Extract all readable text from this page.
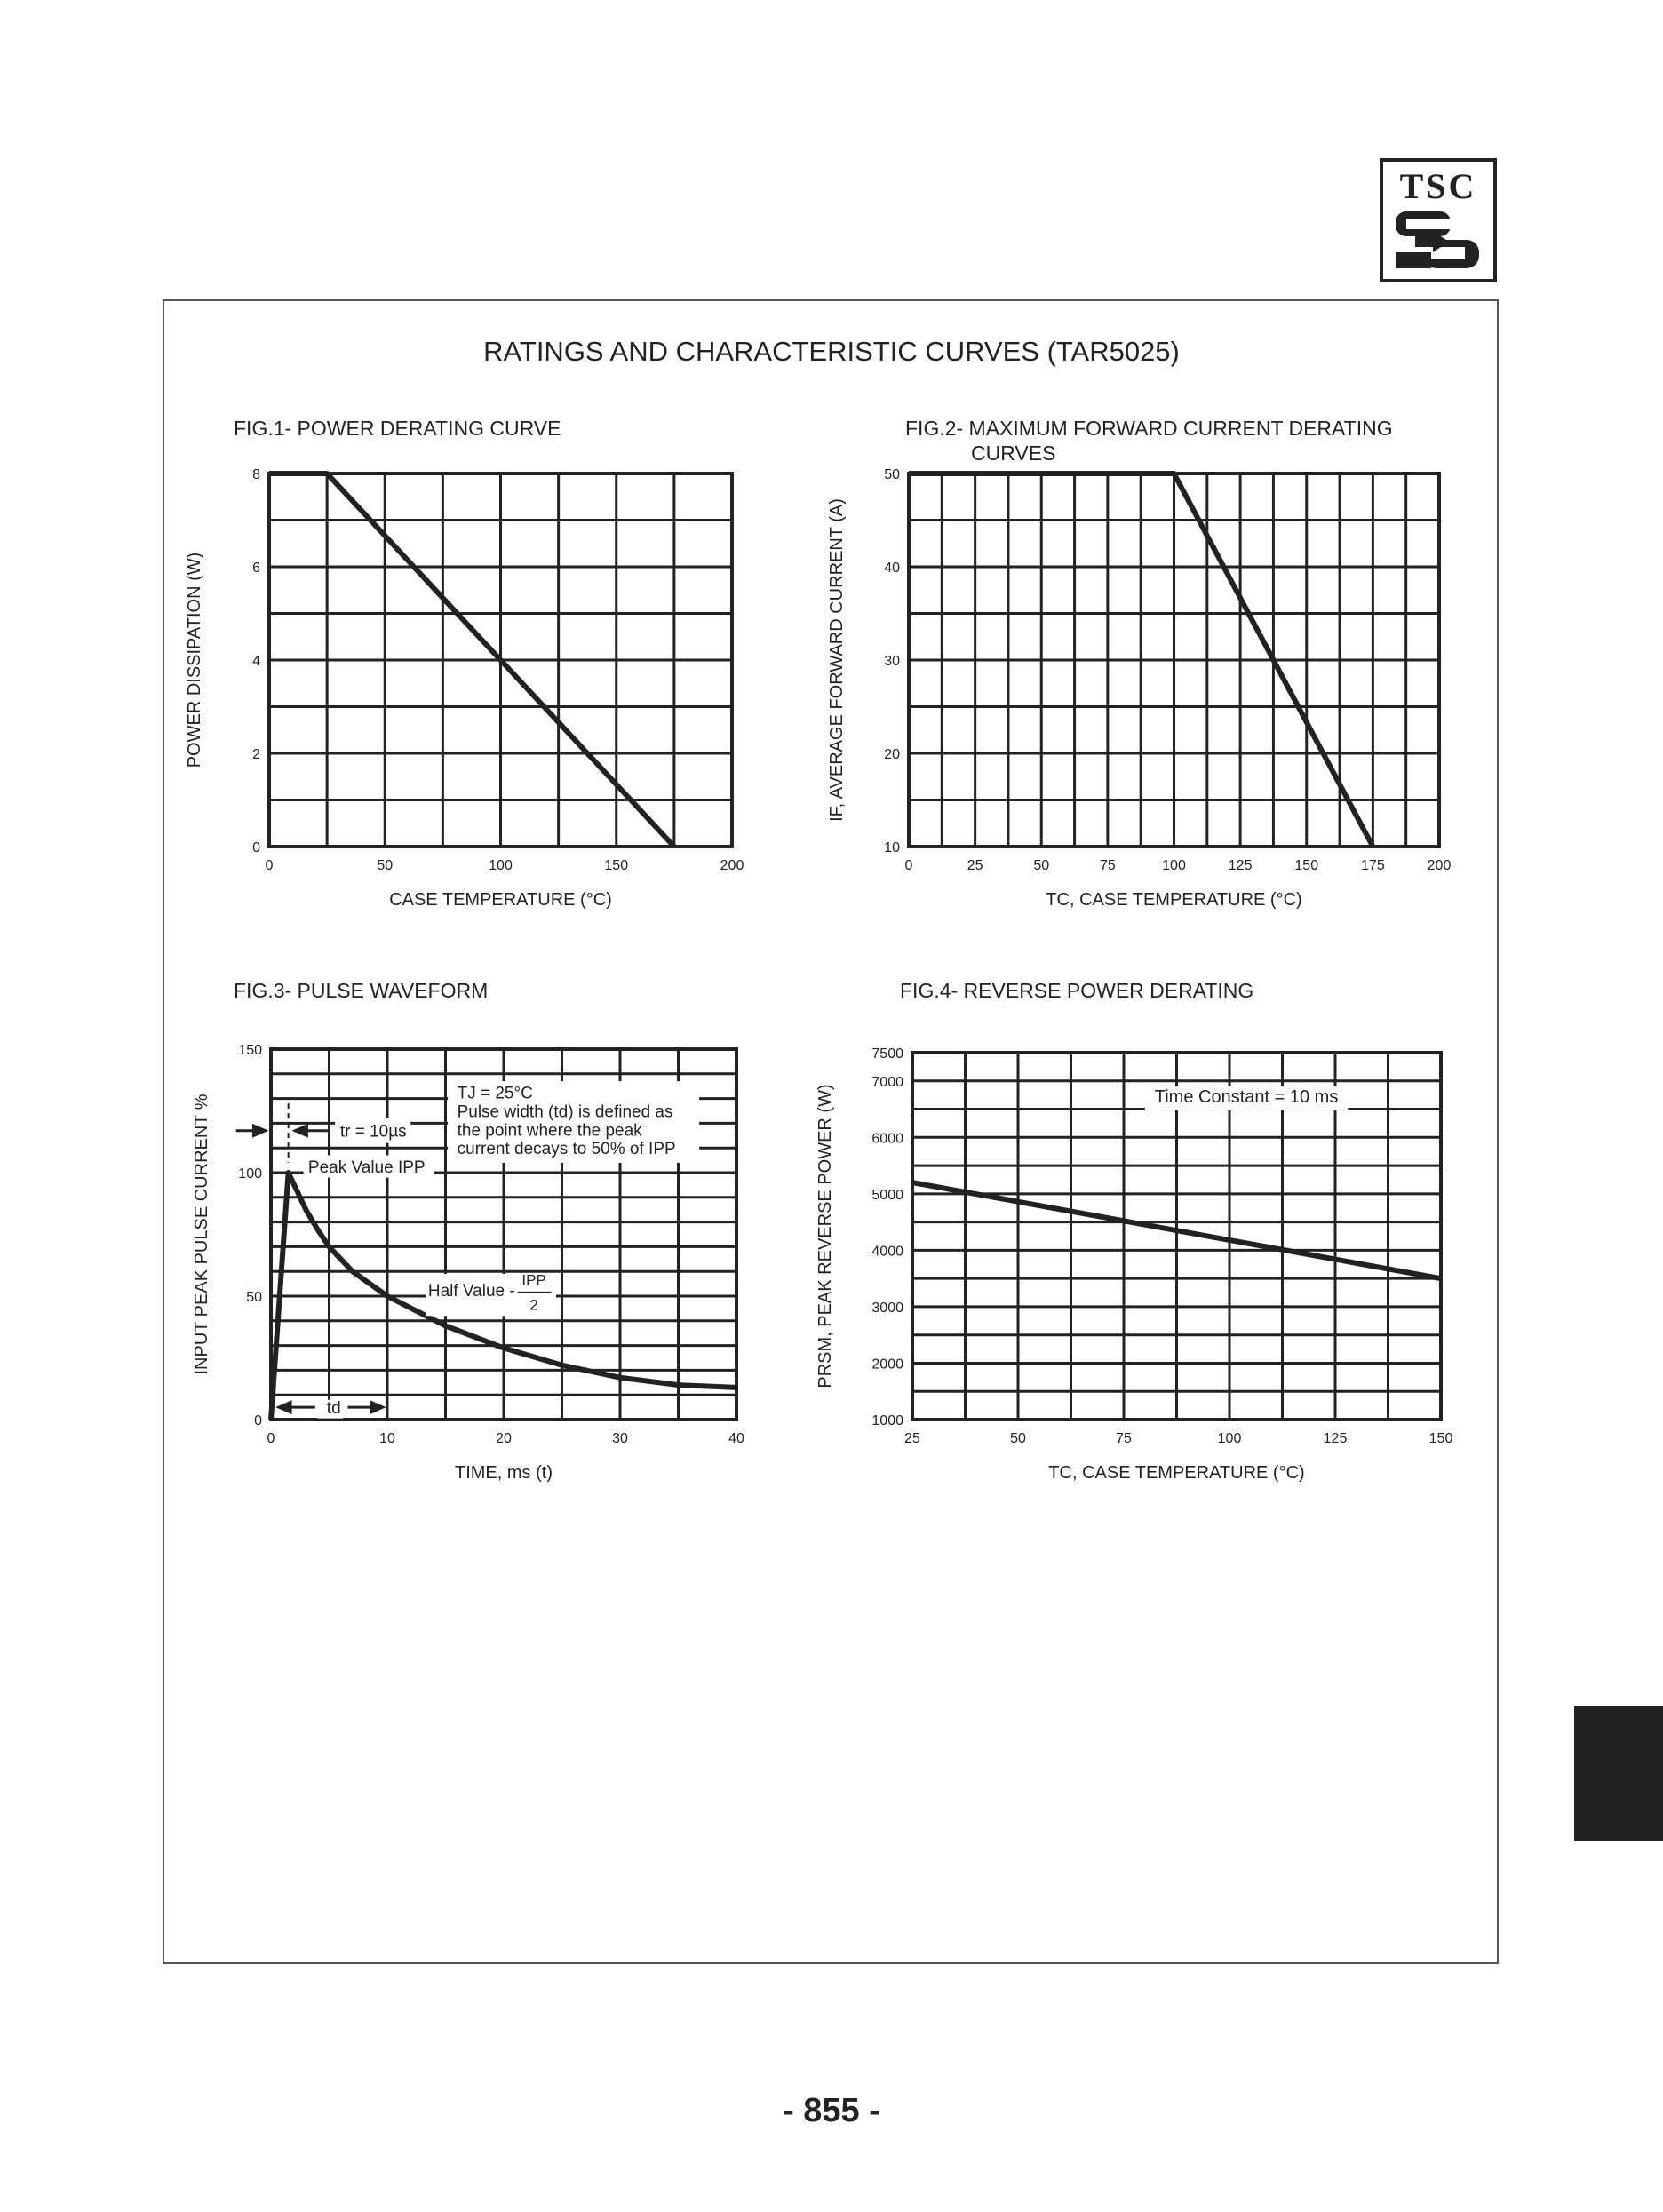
TSC
RATINGS AND CHARACTERISTIC CURVES (TAR5025)
FIG.1- POWER DERATING CURVE	FIG.2- MAXIMUM FORWARD CURRENT DERATING
CURVES
FIG.3- PULSE WAVEFORM	FIG.4- REVERSE POWER DERATING
0	50	100	150	200
0
2
4
6
8
CASE TEMPERATURE (°C)
POWER DISSIPATION (W)
0	25	50	75	100	125	150	175	200
10
20
30
40
50
TC, CASE TEMPERATURE (°C)
IF, AVERAGE FORWARD CURRENT (A)
0	10	20	30	40
0
50
100
150
TIME, ms (t)
INPUT PEAK PULSE CURRENT %
TJ = 25°C
Pulse width (td) is defined as
the point where the peak
current decays to 50% of IPP
tr = 10µs
Peak Value IPP
Half Value -
IPP
2
td
25	50	75	100	125	150
1000
2000
3000
4000
5000
6000
7000
7500
TC, CASE TEMPERATURE (°C)
PRSM, PEAK REVERSE POWER (W)	Time Constant = 10 ms
- 855 -
